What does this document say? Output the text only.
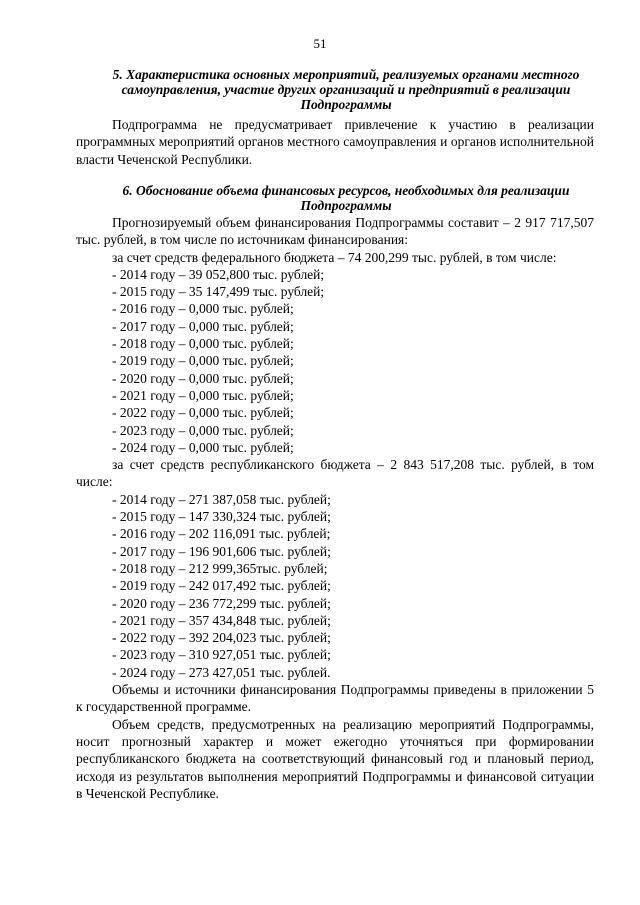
51
5. Характеристика основных мероприятий, реализуемых органами местного самоуправления, участие других организаций и предприятий в реализации Подпрограммы
Подпрограмма не предусматривает привлечение к участию в реализации программных мероприятий органов местного самоуправления и органов исполнительной власти Чеченской Республики.
6. Обоснование объема финансовых ресурсов, необходимых для реализации Подпрограммы
Прогнозируемый объем финансирования Подпрограммы составит – 2 917 717,507 тыс. рублей, в том числе по источникам финансирования:
за счет средств федерального бюджета – 74 200,299 тыс. рублей, в том числе:
- 2014 году – 39 052,800 тыс. рублей;
- 2015 году – 35 147,499 тыс. рублей;
- 2016 году – 0,000 тыс. рублей;
- 2017 году – 0,000 тыс. рублей;
- 2018 году – 0,000 тыс. рублей;
- 2019 году – 0,000 тыс. рублей;
- 2020 году – 0,000 тыс. рублей;
- 2021 году – 0,000 тыс. рублей;
- 2022 году – 0,000 тыс. рублей;
- 2023 году – 0,000 тыс. рублей;
- 2024 году – 0,000 тыс. рублей;
за счет средств республиканского бюджета – 2 843 517,208 тыс. рублей, в том числе:
- 2014 году – 271 387,058 тыс. рублей;
- 2015 году – 147 330,324 тыс. рублей;
- 2016 году – 202 116,091 тыс. рублей;
- 2017 году – 196 901,606 тыс. рублей;
- 2018 году – 212 999,365тыс. рублей;
- 2019 году – 242 017,492 тыс. рублей;
- 2020 году – 236 772,299 тыс. рублей;
- 2021 году – 357 434,848 тыс. рублей;
- 2022 году – 392 204,023 тыс. рублей;
- 2023 году – 310 927,051 тыс. рублей;
- 2024 году – 273 427,051 тыс. рублей.
Объемы и источники финансирования Подпрограммы приведены в приложении 5 к государственной программе.
Объем средств, предусмотренных на реализацию мероприятий Подпрограммы, носит прогнозный характер и может ежегодно уточняться при формировании республиканского бюджета на соответствующий финансовый год и плановый период, исходя из результатов выполнения мероприятий Подпрограммы и финансовой ситуации в Чеченской Республике.
